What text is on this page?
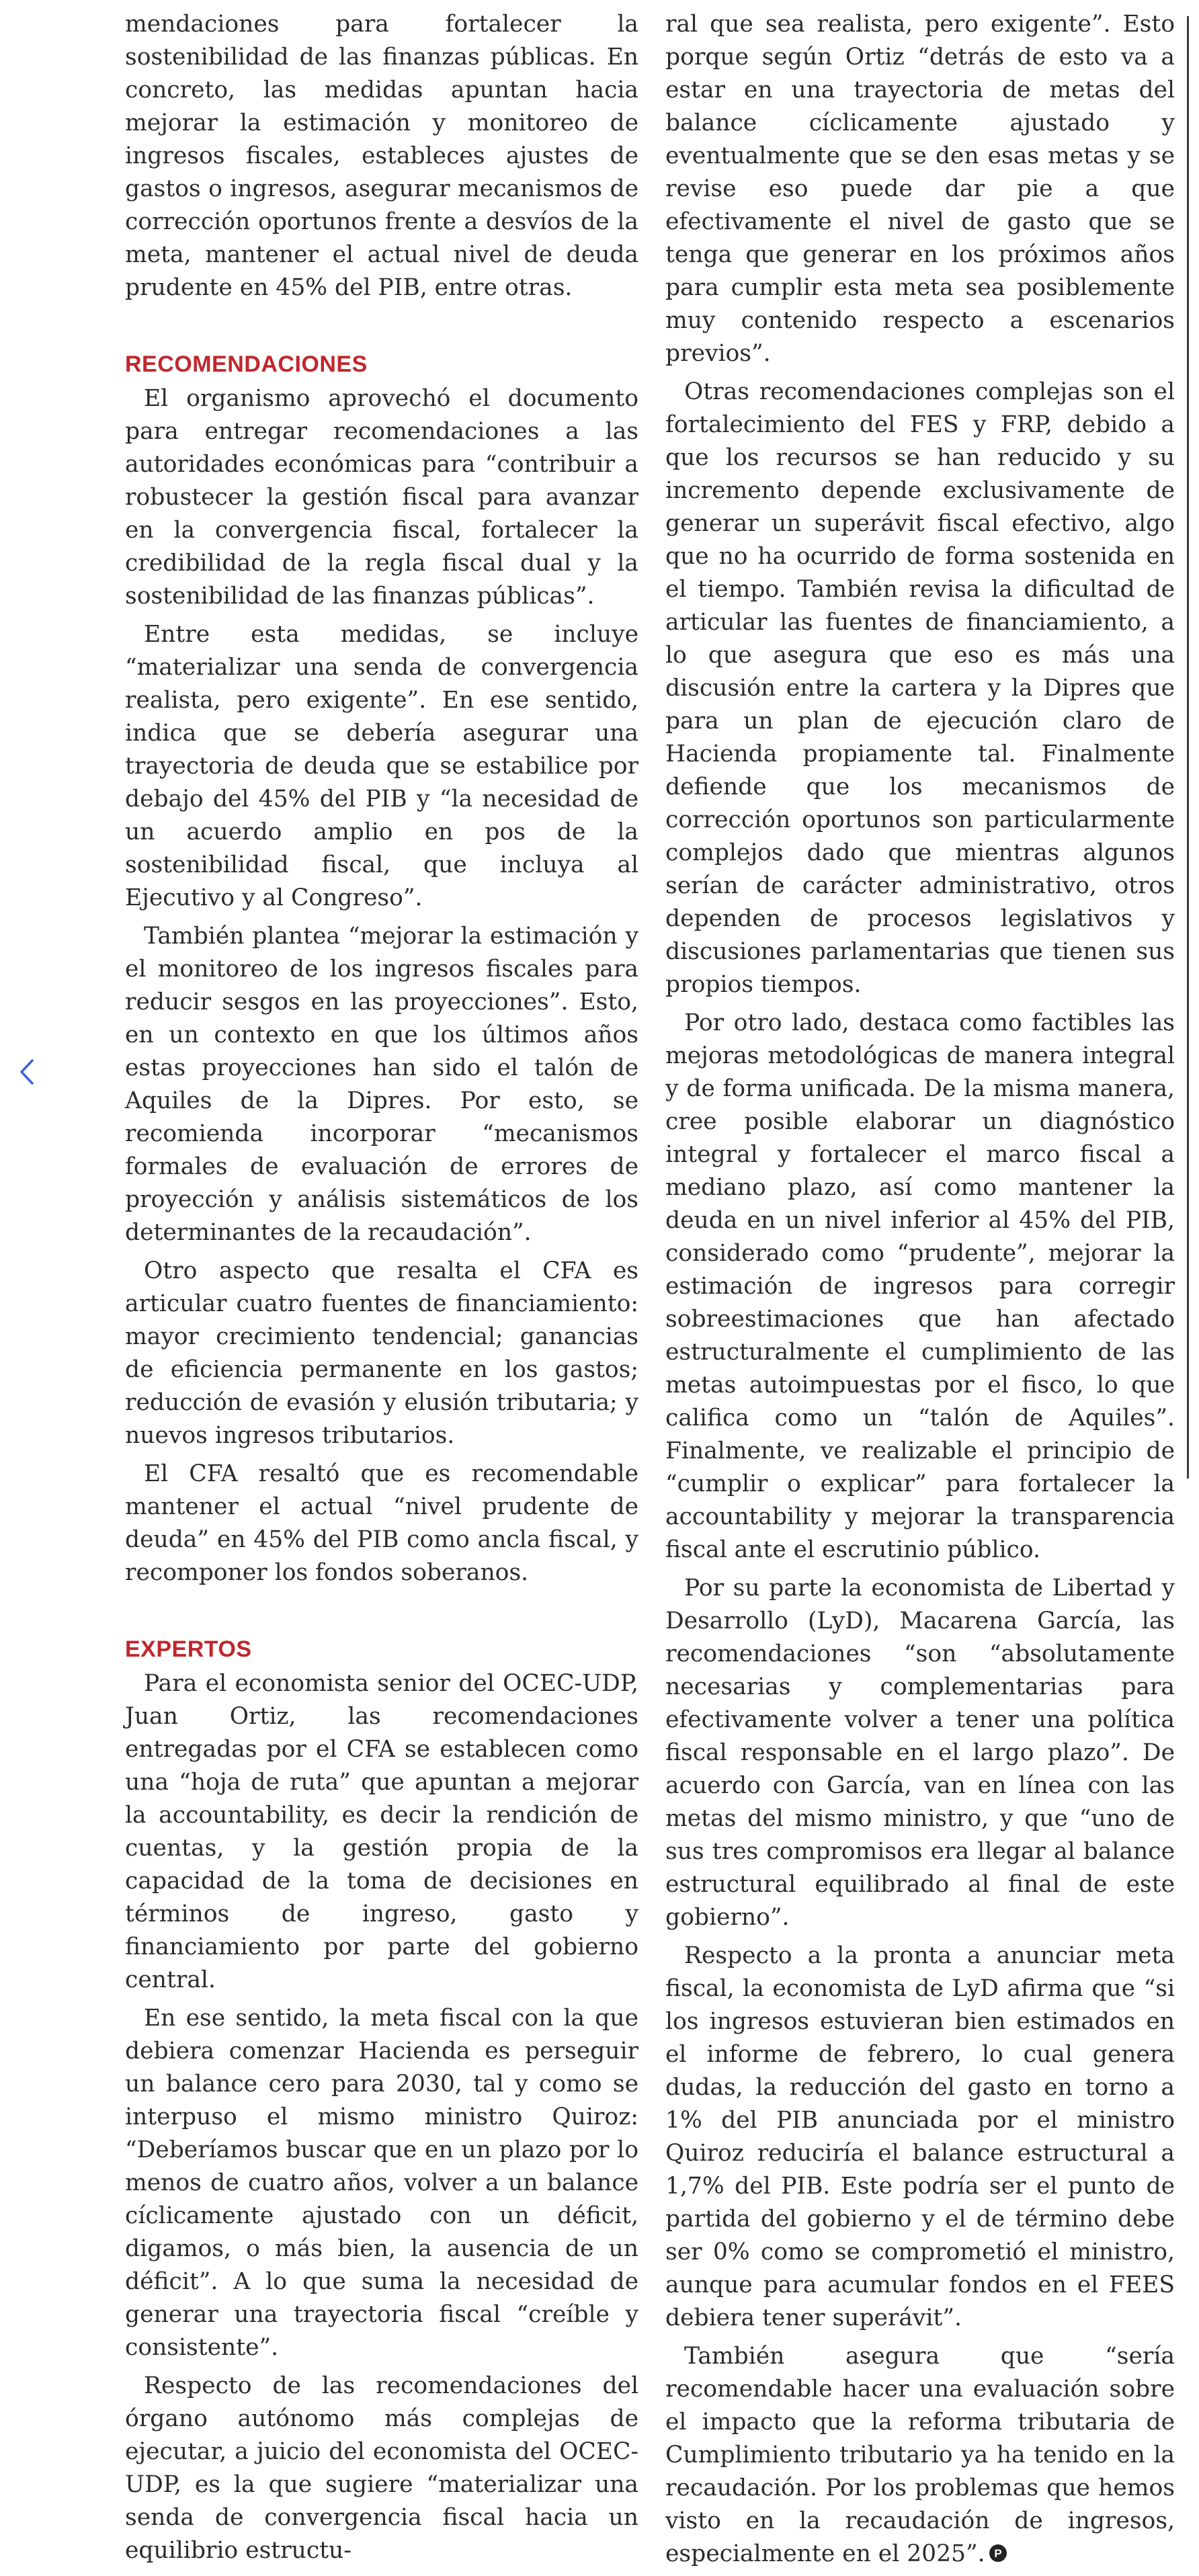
mendaciones para fortalecer la sostenibilidad de las finanzas públicas. En concreto, las medidas apuntan hacia mejorar la estimación y monitoreo de ingresos fiscales, estableces ajustes de gastos o ingresos, asegurar mecanismos de corrección oportunos frente a desvíos de la meta, mantener el actual nivel de deuda prudente en 45% del PIB, entre otras.

RECOMENDACIONES

El organismo aprovechó el documento para entregar recomendaciones a las autoridades económicas para “contribuir a robustecer la gestión fiscal para avanzar en la convergencia fiscal, fortalecer la credibilidad de la regla fiscal dual y la sostenibilidad de las finanzas públicas”.

Entre esta medidas, se incluye “materializar una senda de convergencia realista, pero exigente”. En ese sentido, indica que se debería asegurar una trayectoria de deuda que se estabilice por debajo del 45% del PIB y “la necesidad de un acuerdo amplio en pos de la sostenibilidad fiscal, que incluya al Ejecutivo y al Congreso”.

También plantea “mejorar la estimación y el monitoreo de los ingresos fiscales para reducir sesgos en las proyecciones”. Esto, en un contexto en que los últimos años estas proyecciones han sido el talón de Aquiles de la Dipres. Por esto, se recomienda incorporar “mecanismos formales de evaluación de errores de proyección y análisis sistemáticos de los determinantes de la recaudación”.

Otro aspecto que resalta el CFA es articular cuatro fuentes de financiamiento: mayor crecimiento tendencial; ganancias de eficiencia permanente en los gastos; reducción de evasión y elusión tributaria; y nuevos ingresos tributarios.

El CFA resaltó que es recomendable mantener el actual “nivel prudente de deuda” en 45% del PIB como ancla fiscal, y recomponer los fondos soberanos.

EXPERTOS

Para el economista senior del OCEC-UDP, Juan Ortiz, las recomendaciones entregadas por el CFA se establecen como una “hoja de ruta” que apuntan a mejorar la accountability, es decir la rendición de cuentas, y la gestión propia de la capacidad de la toma de decisiones en términos de ingreso, gasto y financiamiento por parte del gobierno central.

En ese sentido, la meta fiscal con la que debiera comenzar Hacienda es perseguir un balance cero para 2030, tal y como se interpuso el mismo ministro Quiroz: “Deberíamos buscar que en un plazo por lo menos de cuatro años, volver a un balance cíclicamente ajustado con un déficit, digamos, o más bien, la ausencia de un déficit”. A lo que suma la necesidad de generar una trayectoria fiscal “creíble y consistente”.

Respecto de las recomendaciones del órgano autónomo más complejas de ejecutar, a juicio del economista del OCEC-UDP, es la que sugiere “materializar una senda de convergencia fiscal hacia un equilibrio estructu-

ral que sea realista, pero exigente”. Esto porque según Ortiz “detrás de esto va a estar en una trayectoria de metas del balance cíclicamente ajustado y eventualmente que se den esas metas y se revise eso puede dar pie a que efectivamente el nivel de gasto que se tenga que generar en los próximos años para cumplir esta meta sea posiblemente muy contenido respecto a escenarios previos”.

Otras recomendaciones complejas son el fortalecimiento del FES y FRP, debido a que los recursos se han reducido y su incremento depende exclusivamente de generar un superávit fiscal efectivo, algo que no ha ocurrido de forma sostenida en el tiempo. También revisa la dificultad de articular las fuentes de financiamiento, a lo que asegura que eso es más una discusión entre la cartera y la Dipres que para un plan de ejecución claro de Hacienda propiamente tal. Finalmente defiende que los mecanismos de corrección oportunos son particularmente complejos dado que mientras algunos serían de carácter administrativo, otros dependen de procesos legislativos y discusiones parlamentarias que tienen sus propios tiempos.

Por otro lado, destaca como factibles las mejoras metodológicas de manera integral y de forma unificada. De la misma manera, cree posible elaborar un diagnóstico integral y fortalecer el marco fiscal a mediano plazo, así como mantener la deuda en un nivel inferior al 45% del PIB, considerado como “prudente”, mejorar la estimación de ingresos para corregir sobreestimaciones que han afectado estructuralmente el cumplimiento de las metas autoimpuestas por el fisco, lo que califica como un “talón de Aquiles”. Finalmente, ve realizable el principio de “cumplir o explicar” para fortalecer la accountability y mejorar la transparencia fiscal ante el escrutinio público.

Por su parte la economista de Libertad y Desarrollo (LyD), Macarena García, las recomendaciones “son “absolutamente necesarias y complementarias para efectivamente volver a tener una política fiscal responsable en el largo plazo”. De acuerdo con García, van en línea con las metas del mismo ministro, y que “uno de sus tres compromisos era llegar al balance estructural equilibrado al final de este gobierno”.

Respecto a la pronta a anunciar meta fiscal, la economista de LyD afirma que “si los ingresos estuvieran bien estimados en el informe de febrero, lo cual genera dudas, la reducción del gasto en torno a 1% del PIB anunciada por el ministro Quiroz reduciría el balance estructural a 1,7% del PIB. Este podría ser el punto de partida del gobierno y el de término debe ser 0% como se comprometió el ministro, aunque para acumular fondos en el FEES debiera tener superávit”.

También asegura que “sería recomendable hacer una evaluación sobre el impacto que la reforma tributaria de Cumplimiento tributario ya ha tenido en la recaudación. Por los problemas que hemos visto en la recaudación de ingresos, especialmente en el 2025”. P
